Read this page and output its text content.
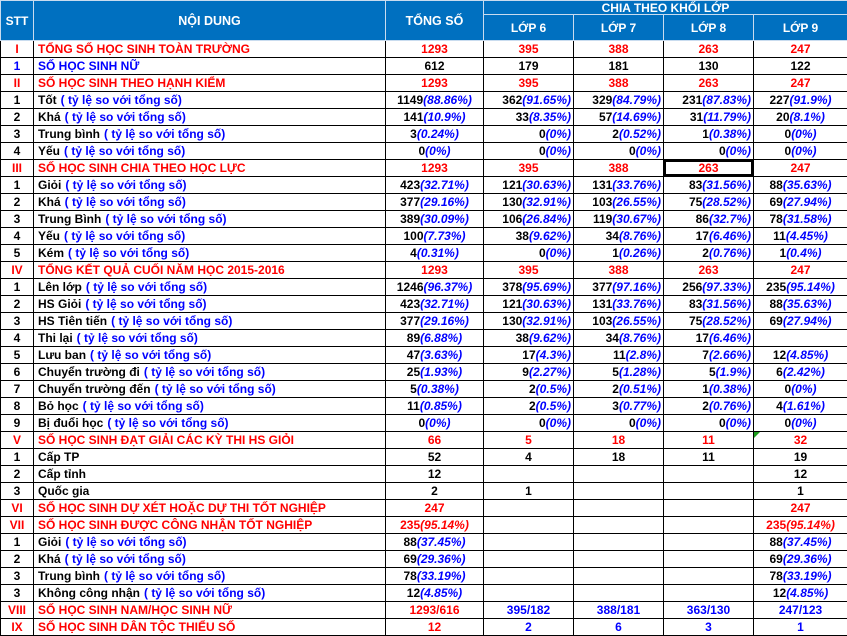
STT	NỘI DUNG	TỔNG SỐ	CHIA THEO KHỐI LỚP			
			LỚP 6	LỚP 7	LỚP 8	LỚP 9
I	TỔNG SỐ HỌC SINH TOÀN TRƯỜNG	1293	395	388	263	247
1	SỐ HỌC SINH NỮ	612	179	181	130	122
II	SỐ HỌC SINH THEO HẠNH KIỂM	1293	395	388	263	247
1	Tốt ( tỷ lệ so với tổng số)	1149(88.86%)	362(91.65%)	329(84.79%)	231(87.83%)	227(91.9%)
2	Khá ( tỷ lệ so với tổng số)	141(10.9%)	33(8.35%)	57(14.69%)	31(11.79%)	20(8.1%)
3	Trung bình ( tỷ lệ so với tổng số)	3(0.24%)	0(0%)	2(0.52%)	1(0.38%)	0(0%)
4	Yếu ( tỷ lệ so với tổng số)	0(0%)	0(0%)	0(0%)	0(0%)	0(0%)
III	SỐ HỌC SINH CHIA THEO HỌC LỰC	1293	395	388	263	247
1	Giỏi ( tỷ lệ so với tổng số)	423(32.71%)	121(30.63%)	131(33.76%)	83(31.56%)	88(35.63%)
2	Khá ( tỷ lệ so với tổng số)	377(29.16%)	130(32.91%)	103(26.55%)	75(28.52%)	69(27.94%)
3	Trung Bình ( tỷ lệ so với tổng số)	389(30.09%)	106(26.84%)	119(30.67%)	86(32.7%)	78(31.58%)
4	Yếu ( tỷ lệ so với tổng số)	100(7.73%)	38(9.62%)	34(8.76%)	17(6.46%)	11(4.45%)
5	Kém ( tỷ lệ so với tổng số)	4(0.31%)	0(0%)	1(0.26%)	2(0.76%)	1(0.4%)
IV	TỔNG KẾT QUẢ CUỐI NĂM HỌC 2015-2016	1293	395	388	263	247
1	Lên lớp ( tỷ lệ so với tổng số)	1246(96.37%)	378(95.69%)	377(97.16%)	256(97.33%)	235(95.14%)
2	HS Giỏi ( tỷ lệ so với tổng số)	423(32.71%)	121(30.63%)	131(33.76%)	83(31.56%)	88(35.63%)
3	HS Tiên tiến ( tỷ lệ so với tổng số)	377(29.16%)	130(32.91%)	103(26.55%)	75(28.52%)	69(27.94%)
4	Thi lại ( tỷ lệ so với tổng số)	89(6.88%)	38(9.62%)	34(8.76%)	17(6.46%)	
5	Lưu ban ( tỷ lệ so với tổng số)	47(3.63%)	17(4.3%)	11(2.8%)	7(2.66%)	12(4.85%)
6	Chuyển trường đi ( tỷ lệ so với tổng số)	25(1.93%)	9(2.27%)	5(1.28%)	5(1.9%)	6(2.42%)
7	Chuyển trường đến ( tỷ lệ so với tổng số)	5(0.38%)	2(0.5%)	2(0.51%)	1(0.38%)	0(0%)
8	Bỏ học ( tỷ lệ so với tổng số)	11(0.85%)	2(0.5%)	3(0.77%)	2(0.76%)	4(1.61%)
9	Bị đuổi học ( tỷ lệ so với tổng số)	0(0%)	0(0%)	0(0%)	0(0%)	0(0%)
V	SỐ HỌC SINH ĐẠT GIẢI CÁC KỲ THI HS GIỎI	66	5	18	11	32
1	Cấp TP	52	4	18	11	19
2	Cấp tỉnh	12				12
3	Quốc gia	2	1			1
VI	SỐ HỌC SINH DỰ XÉT HOẶC DỰ THI TỐT NGHIỆP	247				247
VII	SỐ HỌC SINH ĐƯỢC CÔNG NHẬN TỐT NGHIỆP	235(95.14%)				235(95.14%)
1	Giỏi ( tỷ lệ so với tổng số)	88(37.45%)				88(37.45%)
2	Khá ( tỷ lệ so với tổng số)	69(29.36%)				69(29.36%)
3	Trung bình ( tỷ lệ so với tổng số)	78(33.19%)				78(33.19%)
3	Không công nhận ( tỷ lệ so với tổng số)	12(4.85%)				12(4.85%)
VIII	SỐ HỌC SINH NAM/HỌC SINH NỮ	1293/616	395/182	388/181	363/130	247/123
IX	SỐ HỌC SINH DÂN TỘC THIỂU SỐ	12	2	6	3	1
